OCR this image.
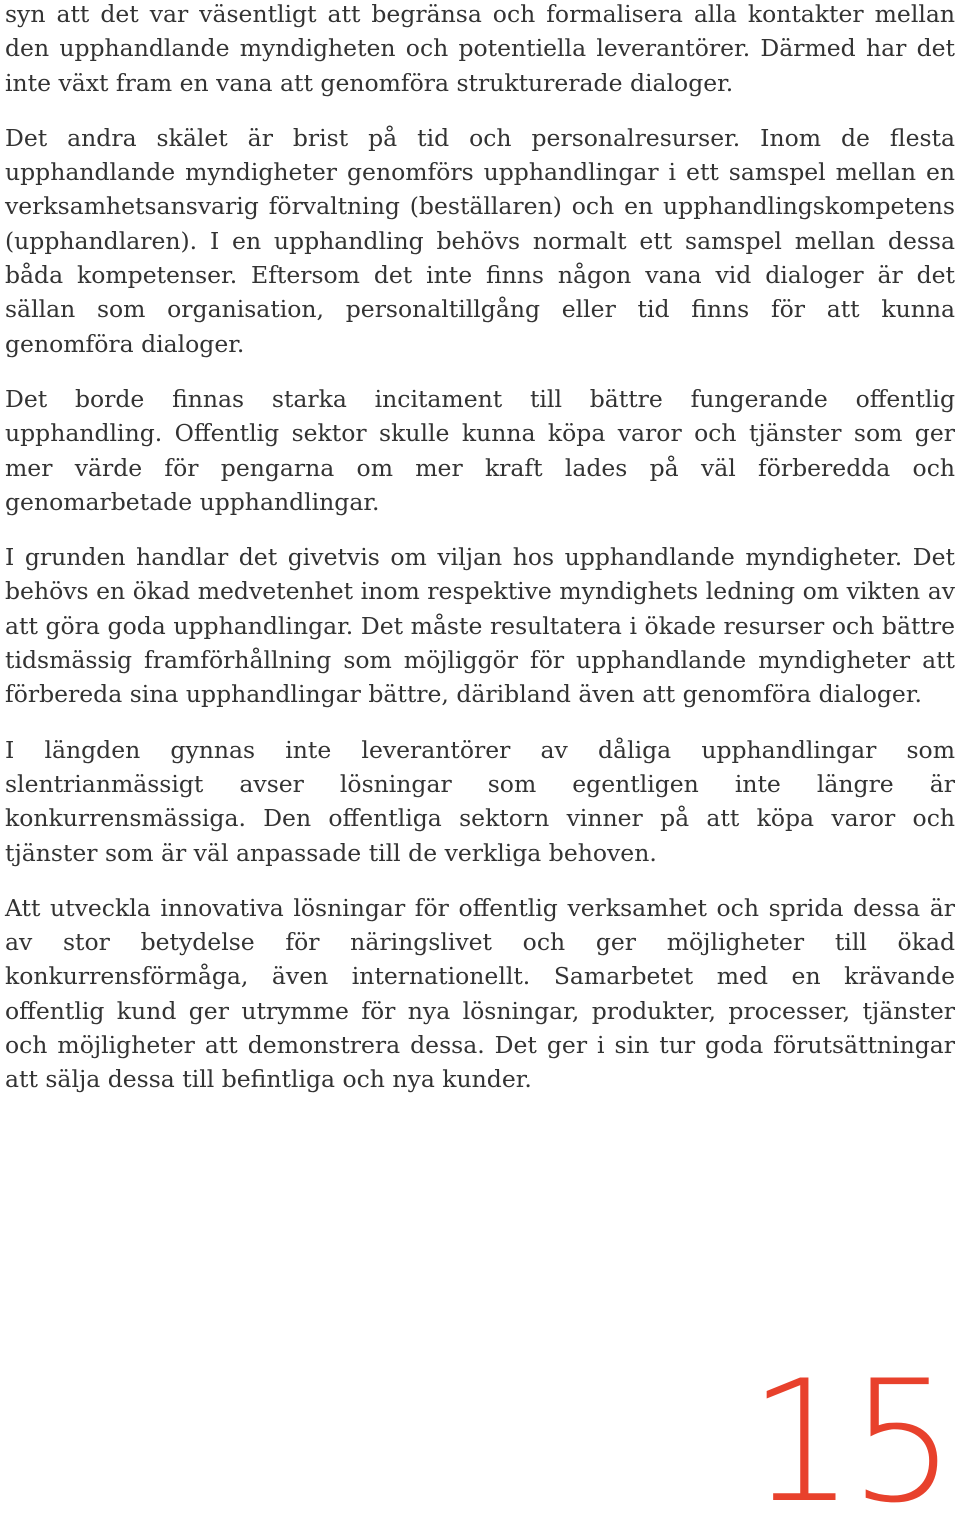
syn att det var väsentligt att begränsa och formalisera alla kontakter mellan den upphandlande myndigheten och potentiella leverantörer. Därmed har det inte växt fram en vana att genomföra strukturerade dialoger.

Det andra skälet är brist på tid och personalresurser. Inom de flesta upphandlande myndigheter genomförs upphandlingar i ett samspel mellan en verksamhetsansvarig förvaltning (beställaren) och en upphandlingskompetens (upphandlaren). I en upphandling behövs normalt ett samspel mellan dessa båda kompetenser. Eftersom det inte finns någon vana vid dialoger är det sällan som organisation, personaltillgång eller tid finns för att kunna genomföra dialoger.

Det borde finnas starka incitament till bättre fungerande offentlig upphandling. Offentlig sektor skulle kunna köpa varor och tjänster som ger mer värde för pengarna om mer kraft lades på väl förberedda och genomarbetade upphandlingar.

I grunden handlar det givetvis om viljan hos upphandlande myndigheter. Det behövs en ökad medvetenhet inom respektive myndighets ledning om vikten av att göra goda upphandlingar. Det måste resultatera i ökade resurser och bättre tidsmässig framförhållning som möjliggör för upphandlande myndigheter att förbereda sina upphandlingar bättre, däribland även att genomföra dialoger.

I längden gynnas inte leverantörer av dåliga upphandlingar som slentrianmässigt avser lösningar som egentligen inte längre är konkurrensmässiga. Den offentliga sektorn vinner på att köpa varor och tjänster som är väl anpassade till de verkliga behoven.

Att utveckla innovativa lösningar för offentlig verksamhet och sprida dessa är av stor betydelse för näringslivet och ger möjligheter till ökad konkurrensförmåga, även internationellt. Samarbetet med en krävande offentlig kund ger utrymme för nya lösningar, produkter, processer, tjänster och möjligheter att demonstrera dessa. Det ger i sin tur goda förutsättningar att sälja dessa till befintliga och nya kunder.

15
